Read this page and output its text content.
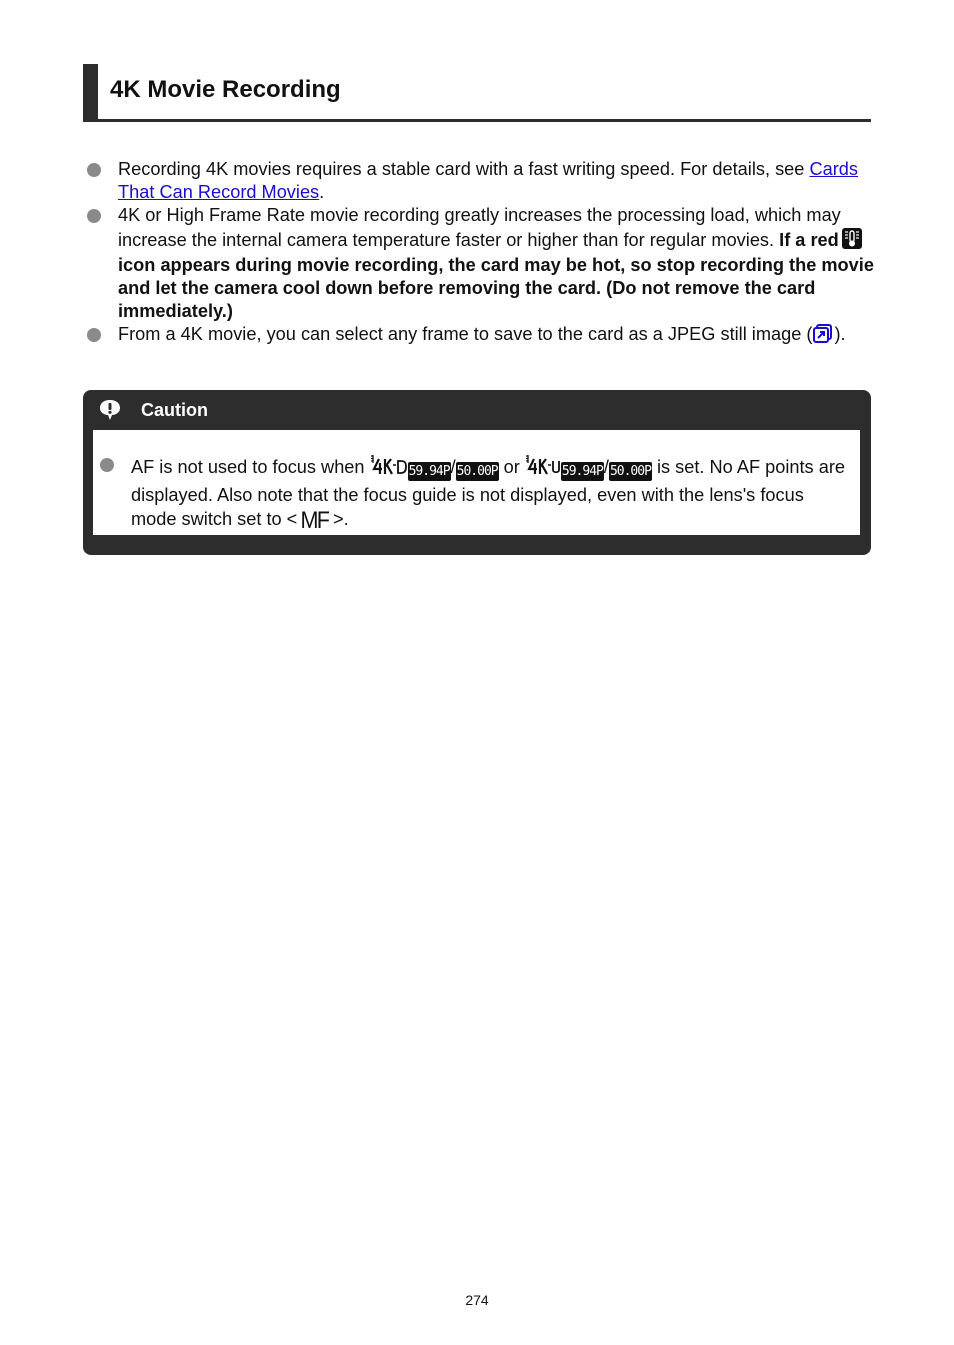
4K Movie Recording
Recording 4K movies requires a stable card with a fast writing speed. For details, see Cards That Can Record Movies.
4K or High Frame Rate movie recording greatly increases the processing load, which may increase the internal camera temperature faster or higher than for regular movies. If a redicon appears during movie recording, the card may be hot, so stop recording the movie and let the camera cool down before removing the card. (Do not remove the card immediately.)
From a 4K movie, you can select any frame to save to the card as a JPEG still image ( ).
Caution

AF is not used to focus when	59.94P/50.00P or	59.94P/50.00P is set. No AF points are displayed. Also note that the focus guide is not displayed, even with the lens's focus mode switch set to < MF >.

274
